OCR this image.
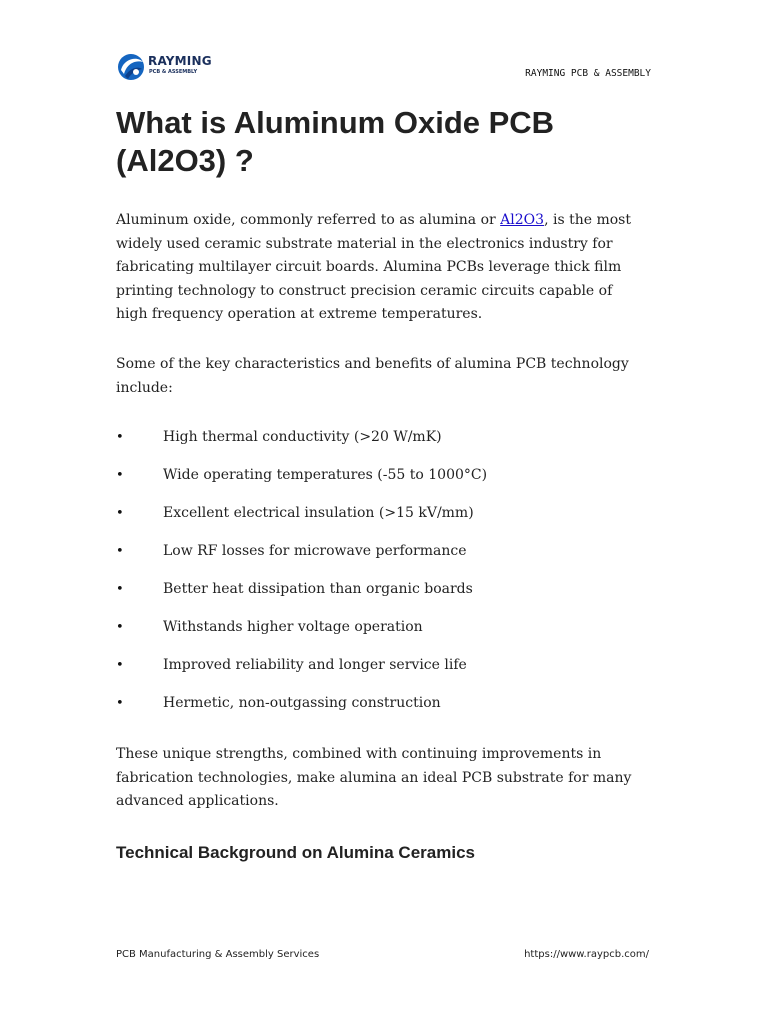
RAYMING
PCB & ASSEMBLY	RAYMING PCB & ASSEMBLY
What is Aluminum Oxide PCB (Al2O3) ?

Aluminum oxide, commonly referred to as alumina or Al2O3, is the most widely used ceramic substrate material in the electronics industry for fabricating multilayer circuit boards. Alumina PCBs leverage thick film printing technology to construct precision ceramic circuits capable of high frequency operation at extreme temperatures.

Some of the key characteristics and benefits of alumina PCB technology include:

•	High thermal conductivity (>20 W/mK)
•	Wide operating temperatures (-55 to 1000°C)
•	Excellent electrical insulation (>15 kV/mm)
•	Low RF losses for microwave performance
•	Better heat dissipation than organic boards
•	Withstands higher voltage operation
•	Improved reliability and longer service life
•	Hermetic, non-outgassing construction

These unique strengths, combined with continuing improvements in fabrication technologies, make alumina an ideal PCB substrate for many advanced applications.

Technical Background on Alumina Ceramics
PCB Manufacturing & Assembly Services	https://www.raypcb.com/
